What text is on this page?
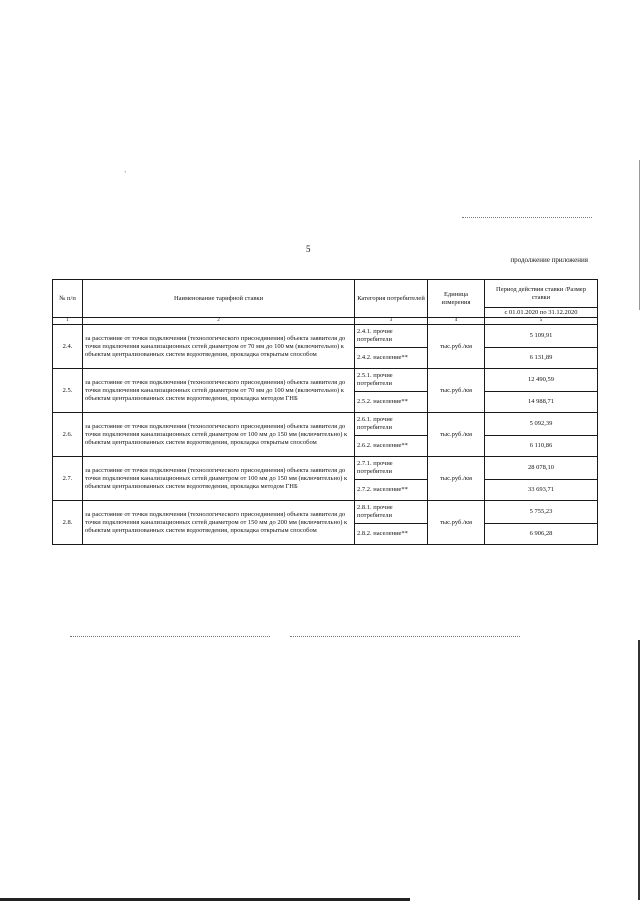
ˋ
5
продолжение приложения
№ п/п	Наименование тарифной ставки	Категория потребителей	Единица измерения	Период действия ставки /Размер ставки
				с 01.01.2020 по 31.12.2020
1	2	3	4	5
2.4.	за расстояние от точки подключения (технологического присоединения) объекта заявителя до точки подключения канализационных сетей диаметром от 70 мм до 100 мм (включительно) к объектам централизованных систем водоотведения, прокладка открытым способом	2.4.1. прочие потребители	тыс.руб./км	5 109,91
		2.4.2. население**		6 131,89
2.5.	за расстояние от точки подключения (технологического присоединения) объекта заявителя до точки подключения канализационных сетей диаметром от 70 мм до 100 мм (включительно) к объектам централизованных систем водоотведения, прокладка методом ГНБ	2.5.1. прочие потребители	тыс.руб./км	12 490,59
		2.5.2. население**		14 988,71
2.6.	за расстояние от точки подключения (технологического присоединения) объекта заявителя до точки подключения канализационных сетей диаметром от 100 мм до 150 мм (включительно) к объектам централизованных систем водоотведения, прокладка открытым способом	2.6.1. прочие потребители	тыс.руб./км	5 092,39
		2.6.2. население**		6 110,86
2.7.	за расстояние от точки подключения (технологического присоединения) объекта заявителя до точки подключения канализационных сетей диаметром от 100 мм до 150 мм (включительно) к объектам централизованных систем водоотведения, прокладка методом ГНБ	2.7.1. прочие потребители	тыс.руб./км	28 078,10
		2.7.2. население**		33 693,71
2.8.	за расстояние от точки подключения (технологического присоединения) объекта заявителя до точки подключения канализационных сетей диаметром от 150 мм до 200 мм (включительно) к объектам централизованных систем водоотведения, прокладка открытым способом	2.8.1. прочие потребители	тыс.руб./км	5 755,23
		2.8.2. население**		6 906,28
